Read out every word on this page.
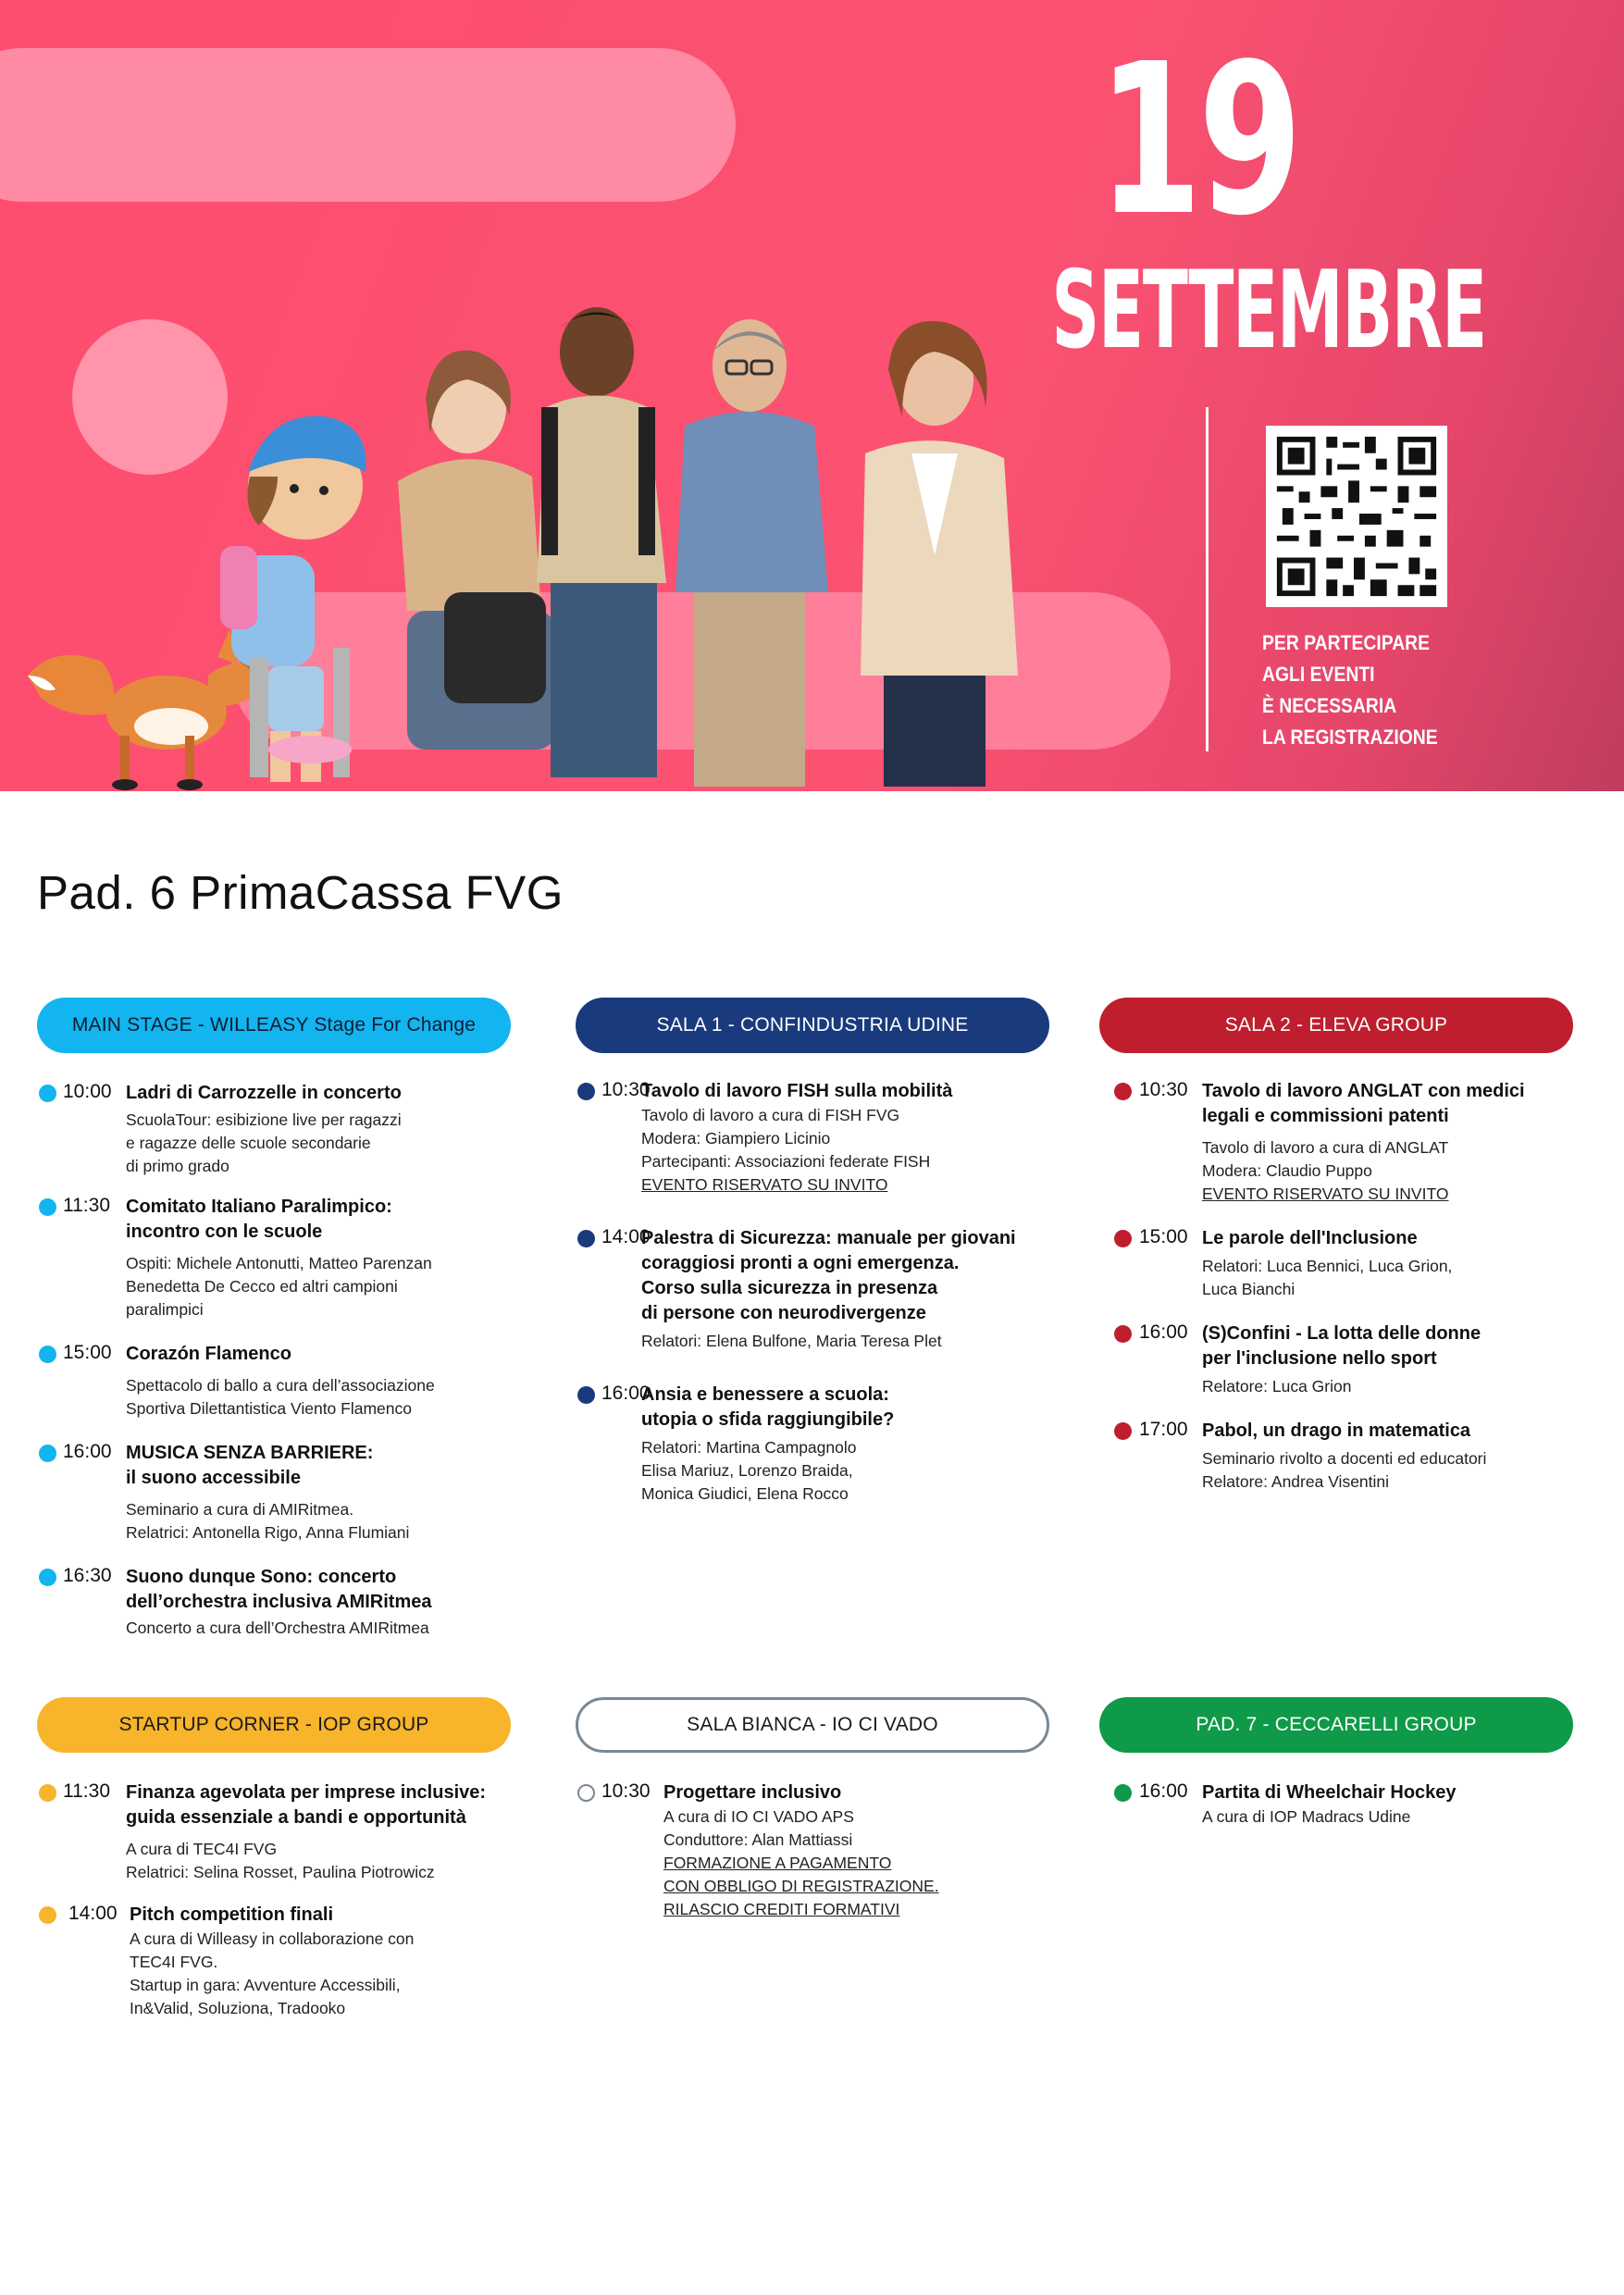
19
SETTEMBRE
PER PARTECIPARE
AGLI EVENTI
È NECESSARIA
LA REGISTRAZIONE
Pad. 6 PrimaCassa FVG
MAIN STAGE - WILLEASY Stage For Change
10:00 Ladri di Carrozzelle in concerto
ScuolaTour: esibizione live per ragazzi
e ragazze delle scuole secondarie
di primo grado
11:30 Comitato Italiano Paralimpico:
incontro con le scuole
Ospiti: Michele Antonutti, Matteo Parenzan
Benedetta De Cecco ed altri campioni
paralimpici
15:00 Corazón Flamenco
Spettacolo di ballo a cura dell’associazione
Sportiva Dilettantistica Viento Flamenco
16:00 MUSICA SENZA BARRIERE:
il suono accessibile
Seminario a cura di AMIRitmea.
Relatrici: Antonella Rigo, Anna Flumiani
16:30 Suono dunque Sono: concerto
dell’orchestra inclusiva AMIRitmea
Concerto a cura dell’Orchestra AMIRitmea
SALA 1 - CONFINDUSTRIA UDINE
10:30
Tavolo di lavoro FISH sulla mobilità
Tavolo di lavoro a cura di FISH FVG
Modera: Giampiero Licinio
Partecipanti: Associazioni federate FISH
EVENTO RISERVATO SU INVITO
14:00
Palestra di Sicurezza: manuale per giovani
coraggiosi pronti a ogni emergenza.
Corso sulla sicurezza in presenza
di persone con neurodivergenze
Relatori: Elena Bulfone, Maria Teresa Plet
16:00
Ansia e benessere a scuola:
utopia o sfida raggiungibile?
Relatori: Martina Campagnolo
Elisa Mariuz, Lorenzo Braida,
Monica Giudici, Elena Rocco
SALA 2 - ELEVA GROUP
10:30 Tavolo di lavoro ANGLAT con medici
legali e commissioni patenti
Tavolo di lavoro a cura di ANGLAT
Modera: Claudio Puppo
EVENTO RISERVATO SU INVITO
15:00 Le parole dell'Inclusione
Relatori: Luca Bennici, Luca Grion,
Luca Bianchi
16:00 (S)Confini - La lotta delle donne
per l'inclusione nello sport
Relatore: Luca Grion
17:00 Pabol, un drago in matematica
Seminario rivolto a docenti ed educatori
Relatore: Andrea Visentini
STARTUP CORNER - IOP GROUP
11:30 Finanza agevolata per imprese inclusive:
guida essenziale a bandi e opportunità
A cura di TEC4I FVG
Relatrici: Selina Rosset, Paulina Piotrowicz
14:00 Pitch competition finali
A cura di Willeasy in collaborazione con
TEC4I FVG.
Startup in gara: Avventure Accessibili,
In&Valid, Soluziona, Tradooko
SALA BIANCA - IO CI VADO
10:30 Progettare inclusivo
A cura di IO CI VADO APS
Conduttore: Alan Mattiassi
FORMAZIONE A PAGAMENTO
CON OBBLIGO DI REGISTRAZIONE.
RILASCIO CREDITI FORMATIVI
PAD. 7 - CECCARELLI GROUP
16:00 Partita di Wheelchair Hockey
A cura di IOP Madracs Udine
